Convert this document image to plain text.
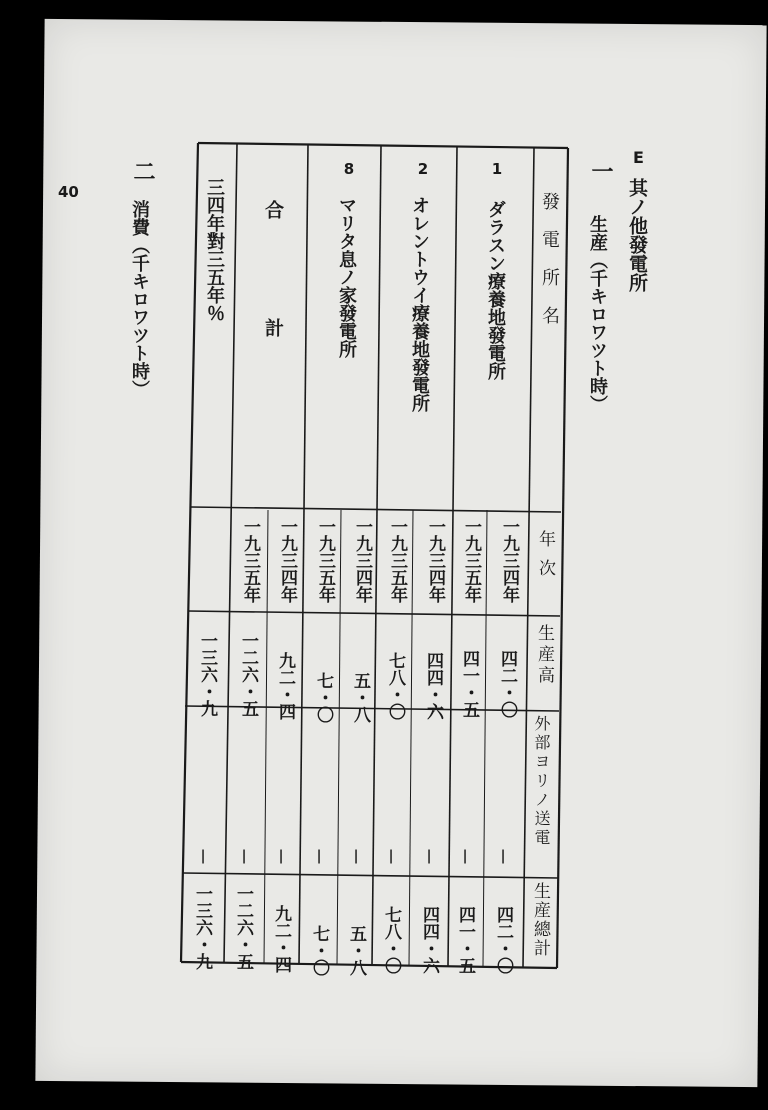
40
E
其ノ他發電所
一
生産（千キロワツト時）
二
消費（千キロワツト時）	發電所名
年次
生産高
外部ヨリノ送電
生産總計
1
ダラスン療養地發電所
2
オレントウイ療養地發電所
8
マリタ息ノ家發電所
合　計
三四年對三五年％
一九三四年
一九三五年
四二・〇
四一・五
|
|
四二・〇
四一・五
一九三四年
一九三五年
四四・六
七八・〇
|
|
四四・六
七八・〇
一九三四年
一九三五年
五・八
七・〇
|
|
五・八
七・〇
一九三四年
一九三五年
九二・四
一二六・五
|
|
九二・四
一二六・五
一三六・九
|
一三六・九
